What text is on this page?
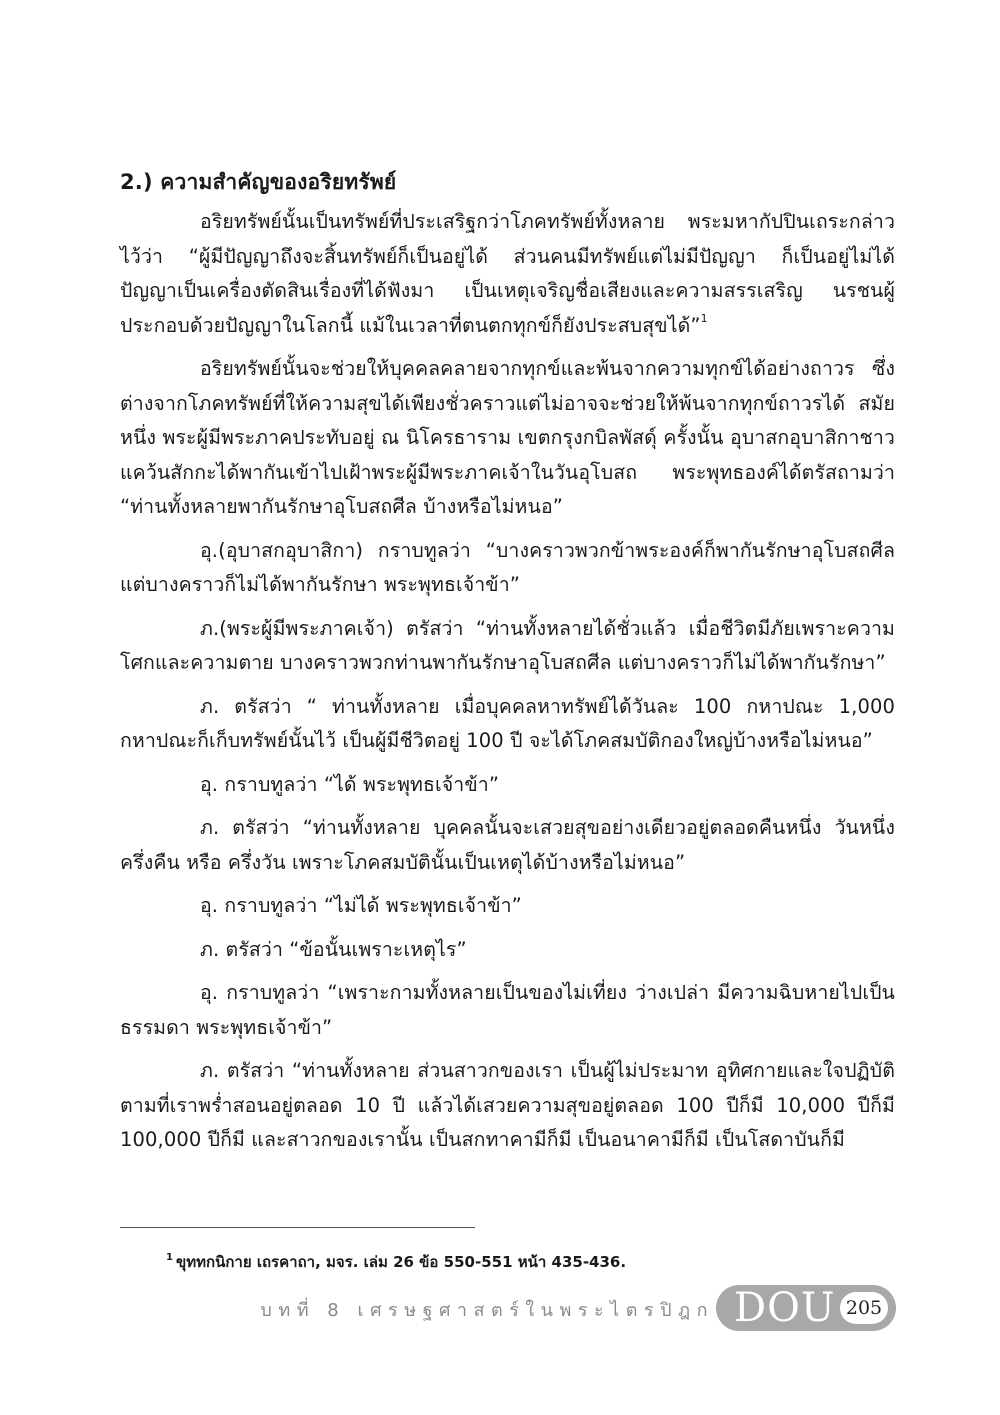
2.) ความสำคัญของอริยทรัพย์

อริยทรัพย์นั้นเป็นทรัพย์ที่ประเสริฐกว่าโภคทรัพย์ทั้งหลาย พระมหากัปปินเถระกล่าวไว้ว่า “ผู้มีปัญญาถึงจะสิ้นทรัพย์ก็เป็นอยู่ได้ ส่วนคนมีทรัพย์แต่ไม่มีปัญญา ก็เป็นอยู่ไม่ได้ ปัญญาเป็นเครื่องตัดสินเรื่องที่ได้ฟังมา เป็นเหตุเจริญชื่อเสียงและความสรรเสริญ นรชนผู้ประกอบด้วยปัญญาในโลกนี้ แม้ในเวลาที่ตนตกทุกข์ก็ยังประสบสุขได้”$^1$

อริยทรัพย์นั้นจะช่วยให้บุคคลคลายจากทุกข์และพ้นจากความทุกข์ได้อย่างถาวร ซึ่ง ต่างจากโภคทรัพย์ที่ให้ความสุขได้เพียงชั่วคราวแต่ไม่อาจจะช่วยให้พ้นจากทุกข์ถาวรได้ สมัยหนึ่ง พระผู้มีพระภาคประทับอยู่ ณ นิโครธาราม เขตกรุงกบิลพัสดุ์ ครั้งนั้น อุบาสกอุบาสิกาชาวแคว้นสักกะได้พากันเข้าไปเฝ้าพระผู้มีพระภาคเจ้าในวันอุโบสถ พระพุทธองค์ได้ตรัสถามว่า “ท่านทั้งหลายพากันรักษาอุโบสถศีล บ้างหรือไม่หนอ”

อุ.(อุบาสกอุบาสิกา) กราบทูลว่า “บางคราวพวกข้าพระองค์ก็พากันรักษาอุโบสถศีล แต่บางคราวก็ไม่ได้พากันรักษา พระพุทธเจ้าข้า”

ภ.(พระผู้มีพระภาคเจ้า) ตรัสว่า “ท่านทั้งหลายได้ชั่วแล้ว เมื่อชีวิตมีภัยเพราะความโศกและความตาย บางคราวพวกท่านพากันรักษาอุโบสถศีล แต่บางคราวก็ไม่ได้พากันรักษา”

ภ. ตรัสว่า “ ท่านทั้งหลาย เมื่อบุคคลหาทรัพย์ได้วันละ 100 กหาปณะ 1,000 กหาปณะก็เก็บทรัพย์นั้นไว้ เป็นผู้มีชีวิตอยู่ 100 ปี จะได้โภคสมบัติกองใหญ่บ้างหรือไม่หนอ”

อุ. กราบทูลว่า “ได้ พระพุทธเจ้าข้า”

ภ. ตรัสว่า “ท่านทั้งหลาย บุคคลนั้นจะเสวยสุขอย่างเดียวอยู่ตลอดคืนหนึ่ง วันหนึ่ง ครึ่งคืน หรือ ครึ่งวัน เพราะโภคสมบัตินั้นเป็นเหตุได้บ้างหรือไม่หนอ”

อุ. กราบทูลว่า “ไม่ได้ พระพุทธเจ้าข้า”

ภ. ตรัสว่า “ข้อนั้นเพราะเหตุไร”

อุ. กราบทูลว่า “เพราะกามทั้งหลายเป็นของไม่เที่ยง ว่างเปล่า มีความฉิบหายไปเป็นธรรมดา พระพุทธเจ้าข้า”

ภ. ตรัสว่า “ท่านทั้งหลาย ส่วนสาวกของเรา เป็นผู้ไม่ประมาท อุทิศกายและใจปฏิบัติตามที่เราพร่ำสอนอยู่ตลอด 10 ปี แล้วได้เสวยความสุขอยู่ตลอด 100 ปีก็มี 10,000 ปีก็มี 100,000 ปีก็มี และสาวกของเรานั้น เป็นสกทาคามีก็มี เป็นอนาคามีก็มี เป็นโสดาบันก็มี

$^1$ ขุททกนิกาย เถรคาถา, มจร. เล่ม 26 ข้อ 550-551 หน้า 435-436.
บทที่ 8 เศรษฐศาสตร์ในพระไตรปิฎก DOU 205
